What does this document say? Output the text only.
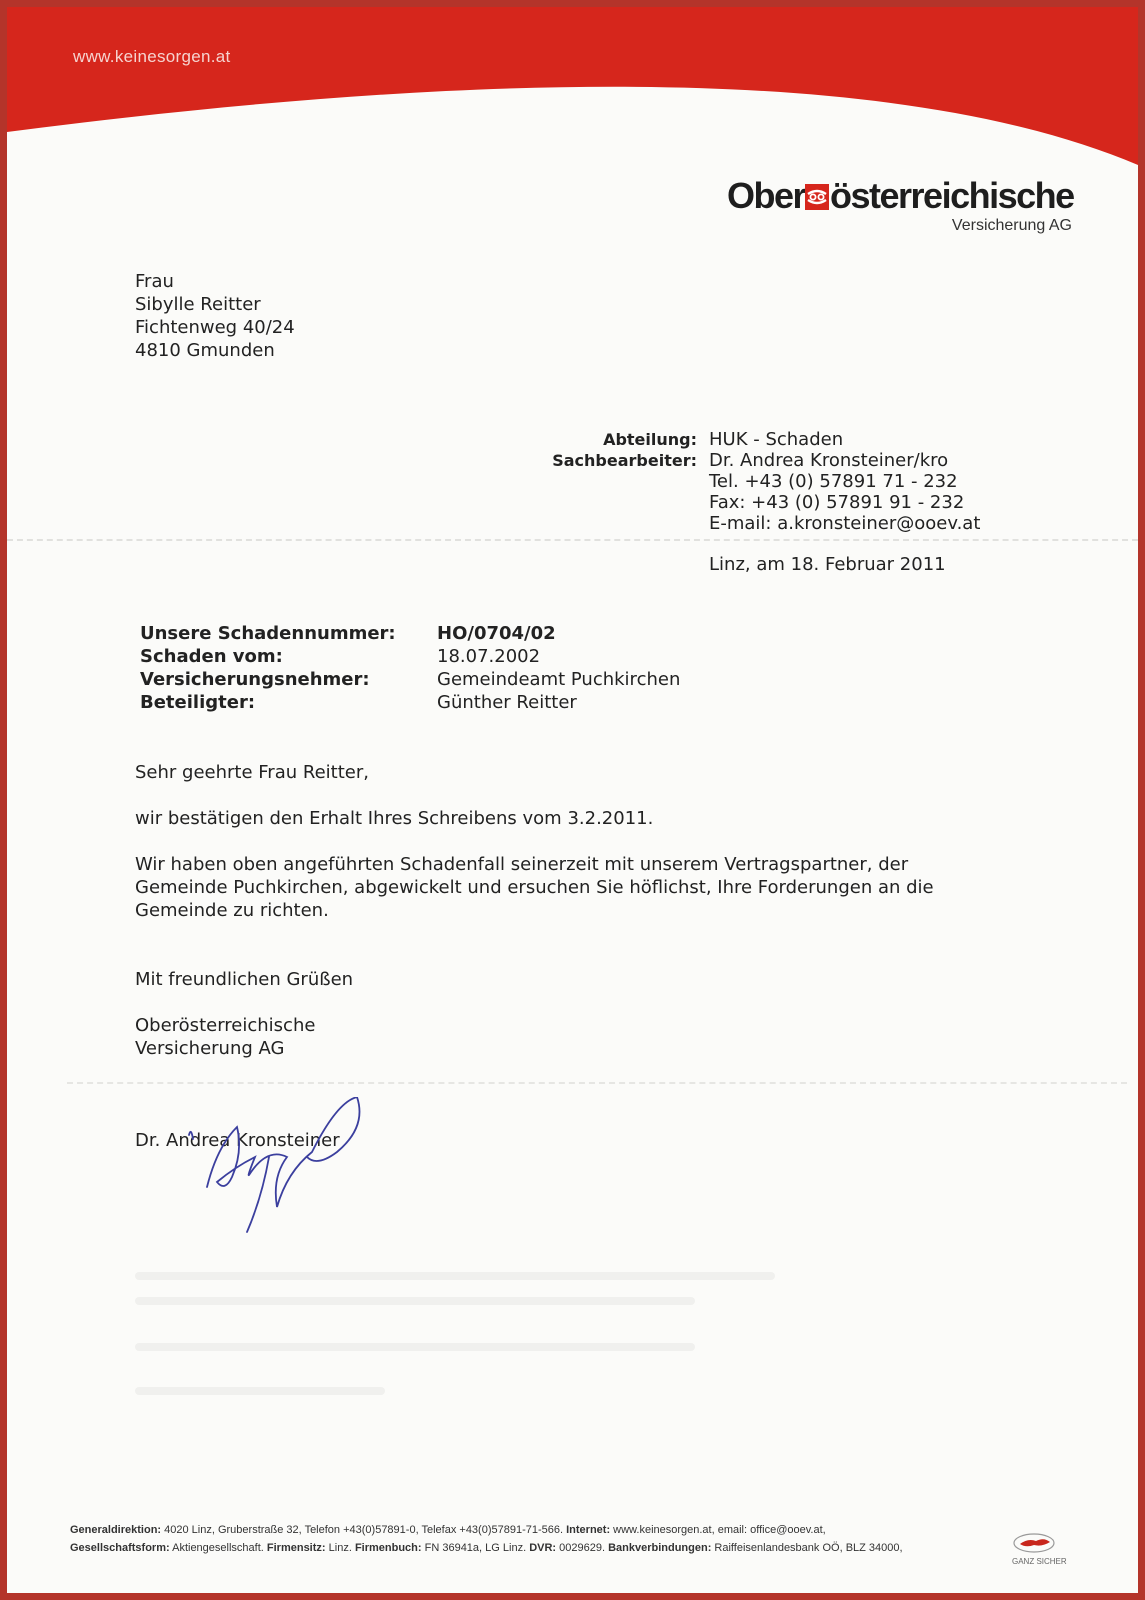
www.keinesorgen.at
Ober österreichische
Versicherung AG
Frau
Sibylle Reitter
Fichtenweg 40/24
4810 Gmunden
Abteilung: HUK - Schaden
Sachbearbeiter: Dr. Andrea Kronsteiner/kro
Tel. +43 (0) 57891 71 - 232
Fax: +43 (0) 57891 91 - 232
E-mail: a.kronsteiner@ooev.at
Linz, am 18. Februar 2011
Unsere Schadennummer: HO/0704/02
Schaden vom:	18.07.2002
Versicherungsnehmer:	Gemeindeamt Puchkirchen
Beteiligter:	Günther Reitter
Sehr geehrte Frau Reitter,
wir bestätigen den Erhalt Ihres Schreibens vom 3.2.2011.
Wir haben oben angeführten Schadenfall seinerzeit mit unserem Vertragspartner, der
Gemeinde Puchkirchen, abgewickelt und ersuchen Sie höflichst, Ihre Forderungen an die
Gemeinde zu richten.
Mit freundlichen Grüßen
Oberösterreichische
Versicherung AG
Dr. Andrea Kronsteiner
Generaldirektion: 4020 Linz, Gruberstraße 32, Telefon +43(0)57891-0, Telefax +43(0)57891-71-566. Internet: www.keinesorgen.at, email: office@ooev.at,
Gesellschaftsform: Aktiengesellschaft. Firmensitz: Linz. Firmenbuch: FN 36941a, LG Linz. DVR: 0029629. Bankverbindungen: Raiffeisenlandesbank OÖ, BLZ 34000,
GANZ SICHER
